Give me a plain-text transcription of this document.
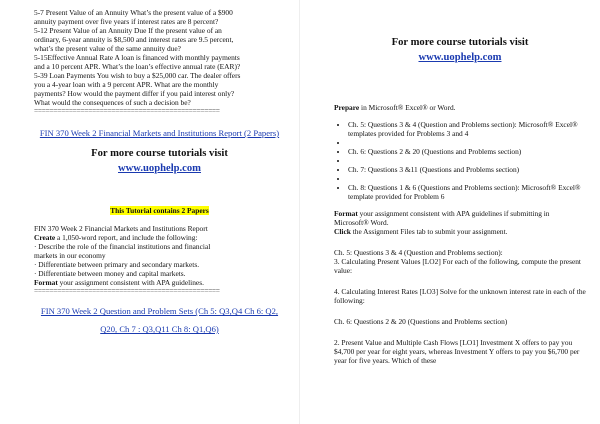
5-7 Present Value of an Annuity What’s the present value of a $900
annuity payment over five years if interest rates are 8 percent?
5-12 Present Value of an Annuity Due If the present value of an
ordinary, 6-year annuity is $8,500 and interest rates are 9.5 percent,
what’s the present value of the same annuity due?
5-15Effective Annual Rate A loan is financed with monthly payments
and a 10 percent APR. What’s the loan’s effective annual rate (EAR)?
5-39 Loan Payments You wish to buy a $25,000 car. The dealer offers
you a 4-year loan with a 9 percent APR. What are the monthly
payments? How would the payment differ if you paid interest only?
What would the consequences of such a decision be?
================================================
FIN 370 Week 2 Financial Markets and Institutions Report (2 Papers)
For more course tutorials visit
www.uophelp.com
This Tutorial contains 2 Papers

FIN 370 Week 2 Financial Markets and Institutions Report

Create a 1,050-word report, and include the following:

· Describe the role of the financial institutions and financial
markets in our economy
· Differentiate between primary and secondary markets.
· Differentiate between money and capital markets.

Format your assignment consistent with APA guidelines.

================================================
FIN 370 Week 2 Question and Problem Sets (Ch 5: Q3,Q4 Ch 6: Q2, Q20, Ch 7 : Q3,Q11 Ch 8: Q1,Q6)
For more course tutorials visit
www.uophelp.com

Prepare in Microsoft® Excel® or Word.

• Ch. 5: Questions 3 & 4 (Question and Problems section): Microsoft® Excel® templates provided for Problems 3 and 4
•
• Ch. 6: Questions 2 & 20 (Questions and Problems section)
•
• Ch. 7: Questions 3 &11 (Questions and Problems section)
•
• Ch. 8: Questions 1 & 6 (Questions and Problems section): Microsoft® Excel® template provided for Problem 6

Format your assignment consistent with APA guidelines if submitting in Microsoft® Word.

Click the Assignment Files tab to submit your assignment.

Ch. 5: Questions 3 & 4 (Question and Problems section):

3. Calculating Present Values [LO2] For each of the following, compute the present value:

4. Calculating Interest Rates [LO3] Solve for the unknown interest rate in each of the following:

Ch. 6: Questions 2 & 20 (Questions and Problems section)

2. Present Value and Multiple Cash Flows [LO1] Investment X offers to pay you $4,700 per year for eight years, whereas Investment Y offers to pay you $6,700 per year for five years. Which of these
